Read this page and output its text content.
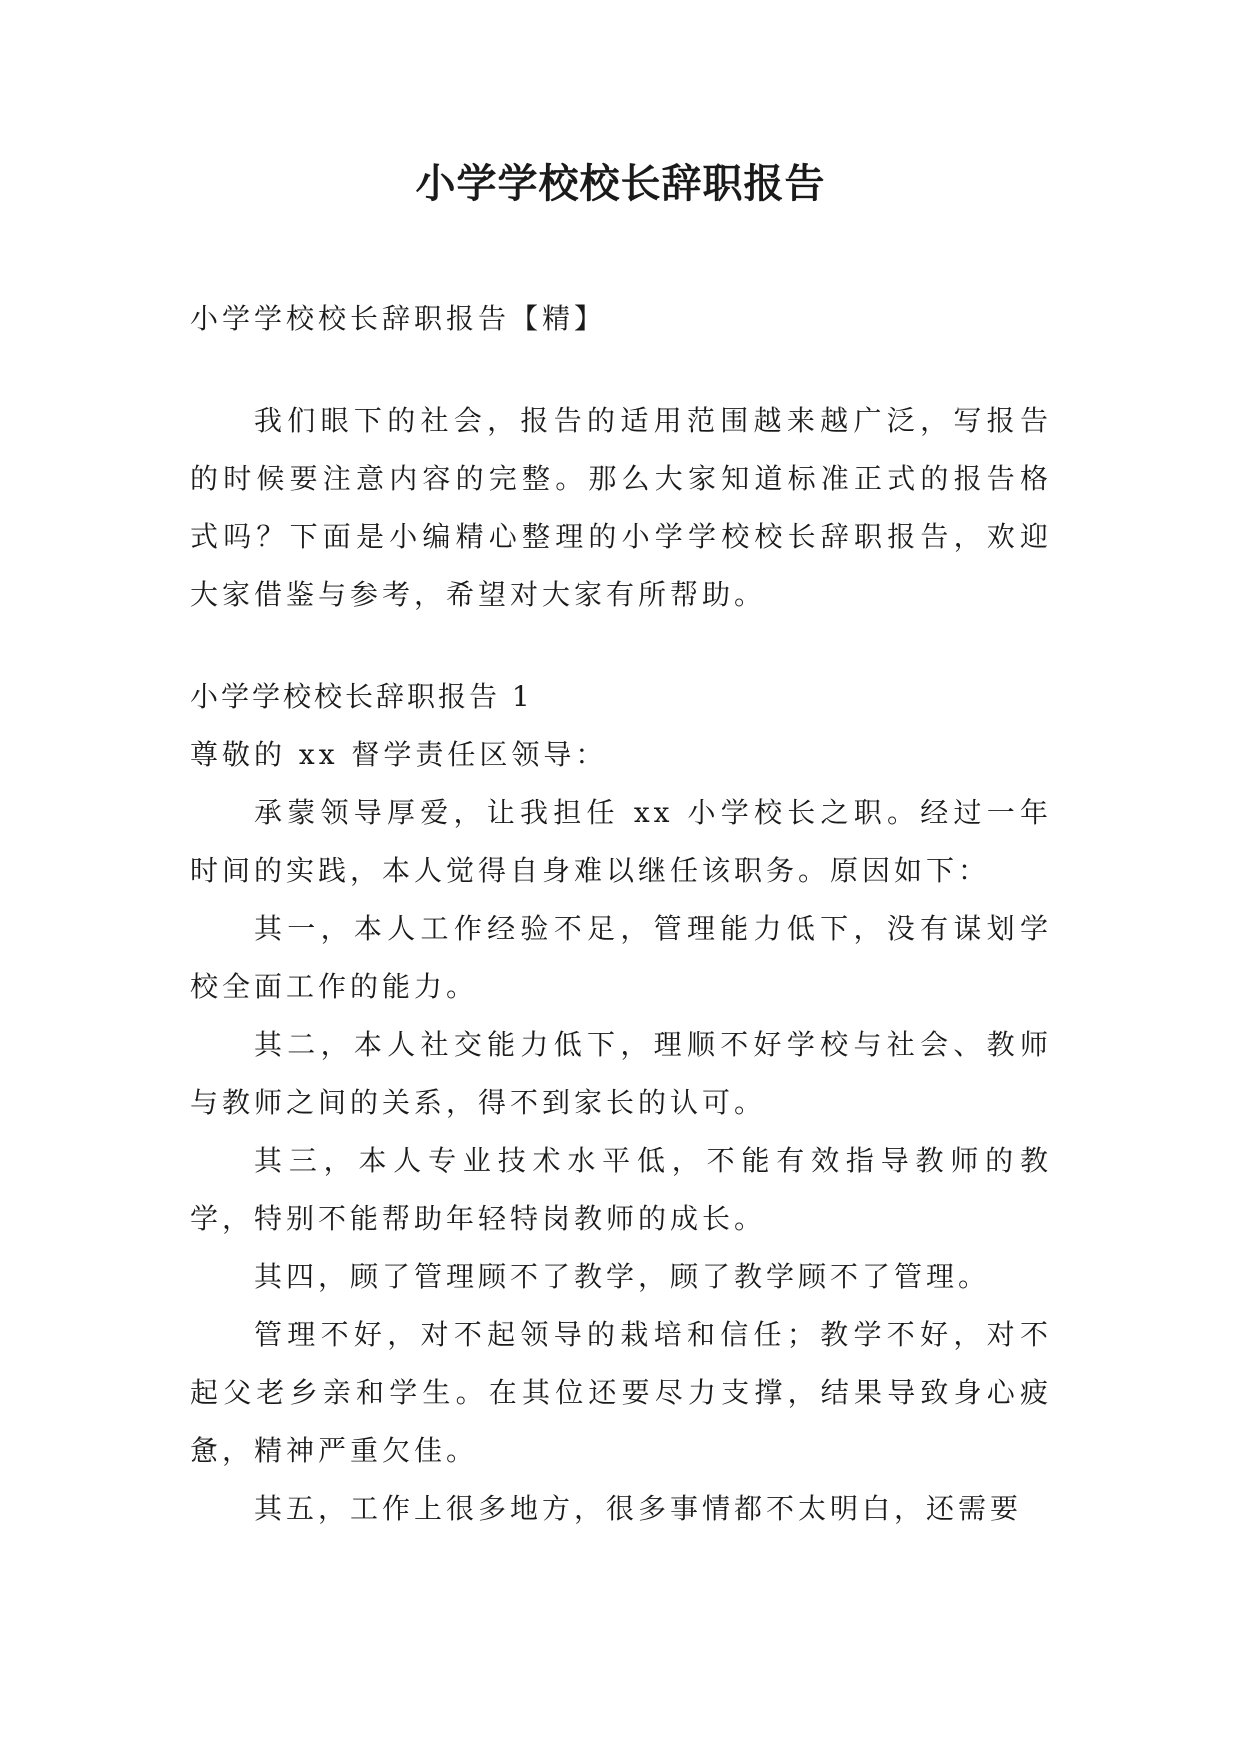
小学学校校长辞职报告

小学学校校长辞职报告【精】

我们眼下的社会，报告的适用范围越来越广泛，写报告的时候要注意内容的完整。那么大家知道标准正式的报告格式吗？下面是小编精心整理的小学学校校长辞职报告，欢迎大家借鉴与参考，希望对大家有所帮助。

小学学校校长辞职报告 1

尊敬的 xx 督学责任区领导：

承蒙领导厚爱，让我担任 xx 小学校长之职。经过一年时间的实践，本人觉得自身难以继任该职务。原因如下：

其一，本人工作经验不足，管理能力低下，没有谋划学校全面工作的能力。

其二，本人社交能力低下，理顺不好学校与社会、教师与教师之间的关系，得不到家长的认可。

其三，本人专业技术水平低，不能有效指导教师的教学，特别不能帮助年轻特岗教师的成长。

其四，顾了管理顾不了教学，顾了教学顾不了管理。

管理不好，对不起领导的栽培和信任；教学不好，对不起父老乡亲和学生。在其位还要尽力支撑，结果导致身心疲惫，精神严重欠佳。

其五，工作上很多地方，很多事情都不太明白，还需要
